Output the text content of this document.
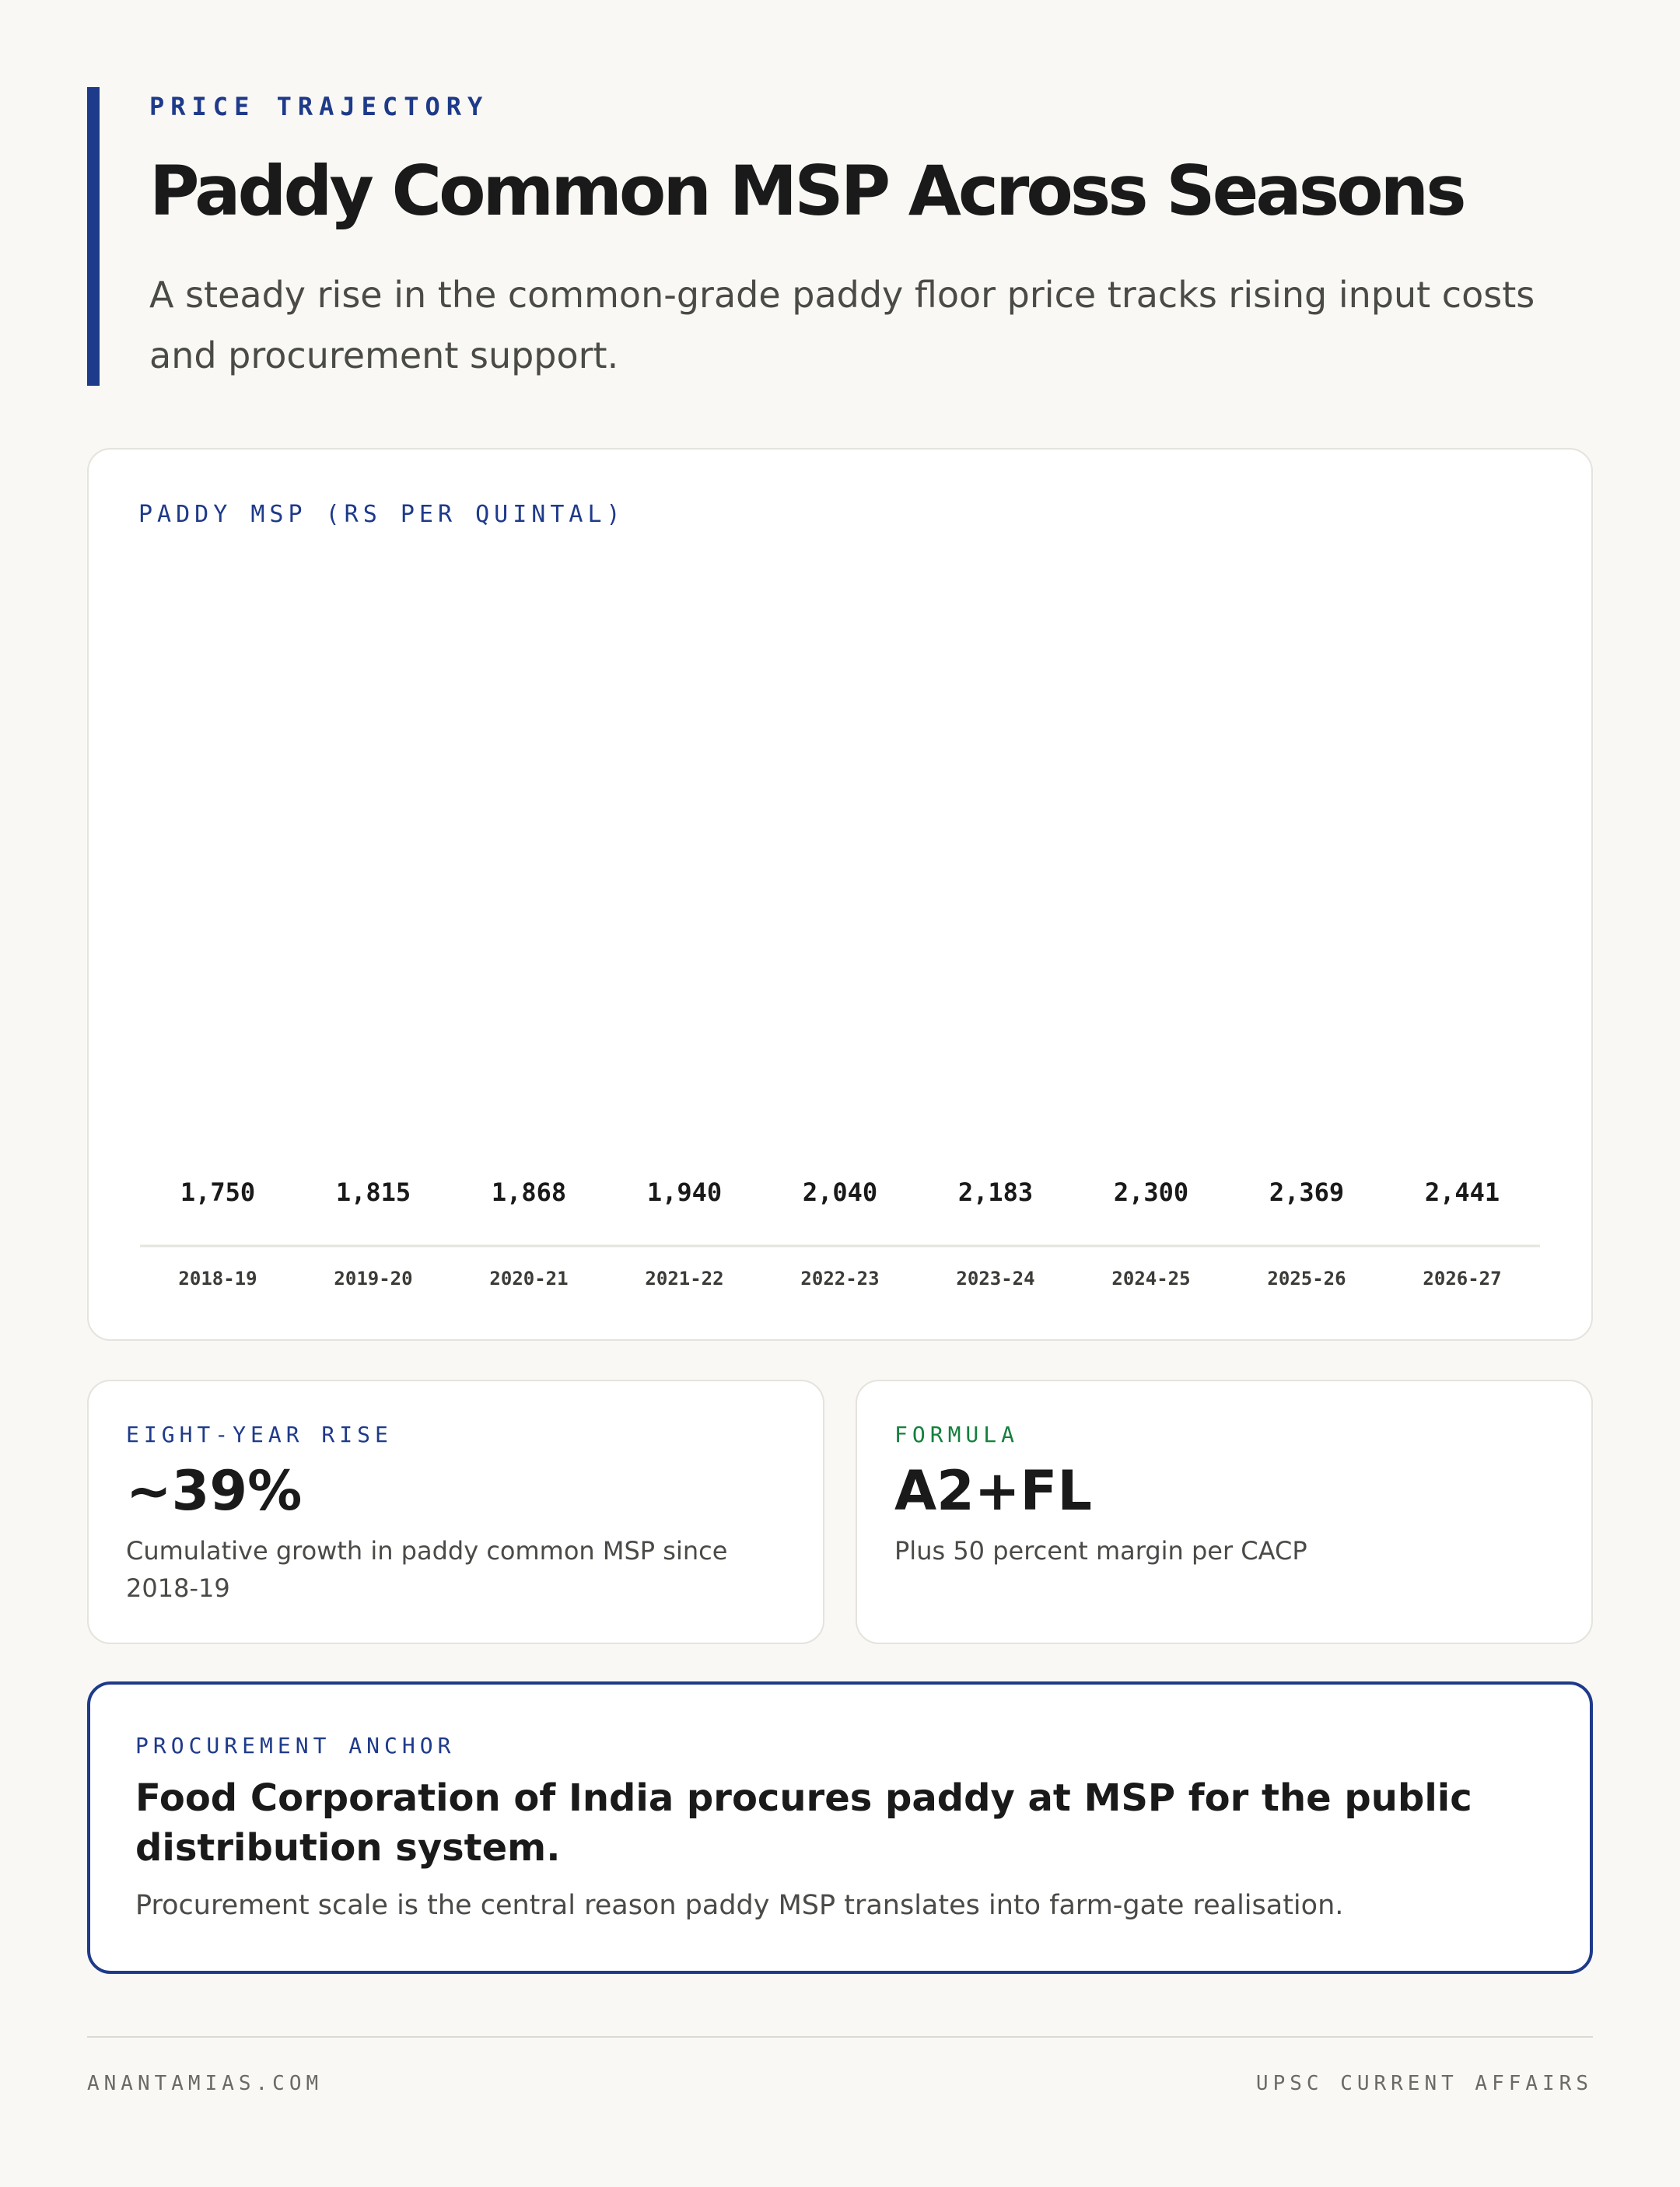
PRICE TRAJECTORY
Paddy Common MSP Across Seasons

A steady rise in the common-grade paddy floor price tracks rising input costs and procurement support.

PADDY MSP (RS PER QUINTAL)
1,750
2018-19
1,815
2019-20
1,868
2020-21
1,940
2021-22
2,040
2022-23
2,183
2023-24
2,300
2024-25
2,369
2025-26
2,441
2026-27
EIGHT-YEAR RISE
~39%
Cumulative growth in paddy common MSP since 2018-19
FORMULA
A2+FL
Plus 50 percent margin per CACP
PROCUREMENT ANCHOR
Food Corporation of India procures paddy at MSP for the public distribution system.
Procurement scale is the central reason paddy MSP translates into farm-gate realisation.
ANANTAMIAS.COM	UPSC CURRENT AFFAIRS
